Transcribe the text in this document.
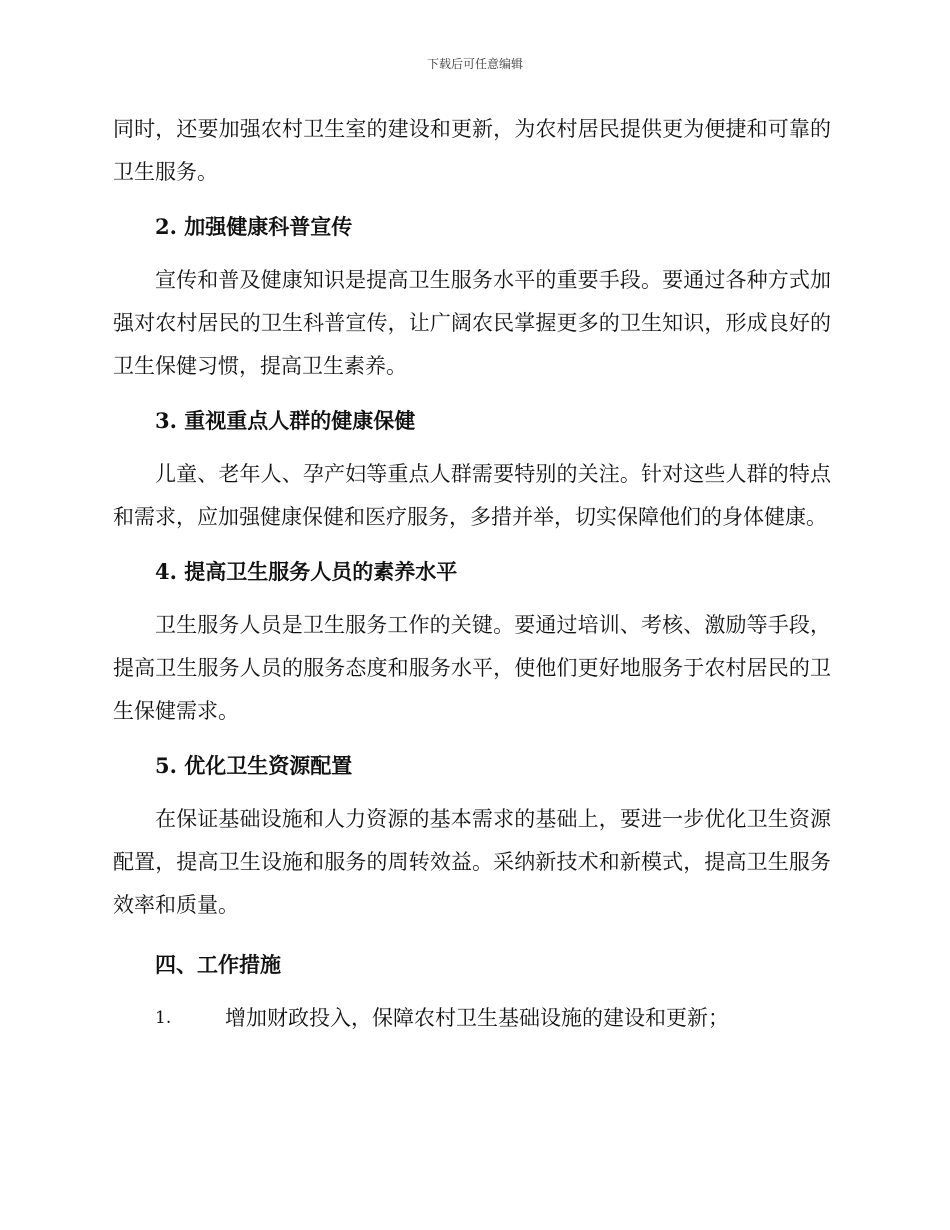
下载后可任意编辑

同时，还要加强农村卫生室的建设和更新，为农村居民提供更为便捷和可靠的卫生服务。

2. 加强健康科普宣传

宣传和普及健康知识是提高卫生服务水平的重要手段。要通过各种方式加强对农村居民的卫生科普宣传，让广阔农民掌握更多的卫生知识，形成良好的卫生保健习惯，提高卫生素养。

3. 重视重点人群的健康保健

儿童、老年人、孕产妇等重点人群需要特别的关注。针对这些人群的特点和需求，应加强健康保健和医疗服务，多措并举，切实保障他们的身体健康。

4. 提高卫生服务人员的素养水平

卫生服务人员是卫生服务工作的关键。要通过培训、考核、激励等手段，提高卫生服务人员的服务态度和服务水平，使他们更好地服务于农村居民的卫生保健需求。

5. 优化卫生资源配置

在保证基础设施和人力资源的基本需求的基础上，要进一步优化卫生资源配置，提高卫生设施和服务的周转效益。采纳新技术和新模式，提高卫生服务效率和质量。

四、工作措施
1.	增加财政投入，保障农村卫生基础设施的建设和更新；
